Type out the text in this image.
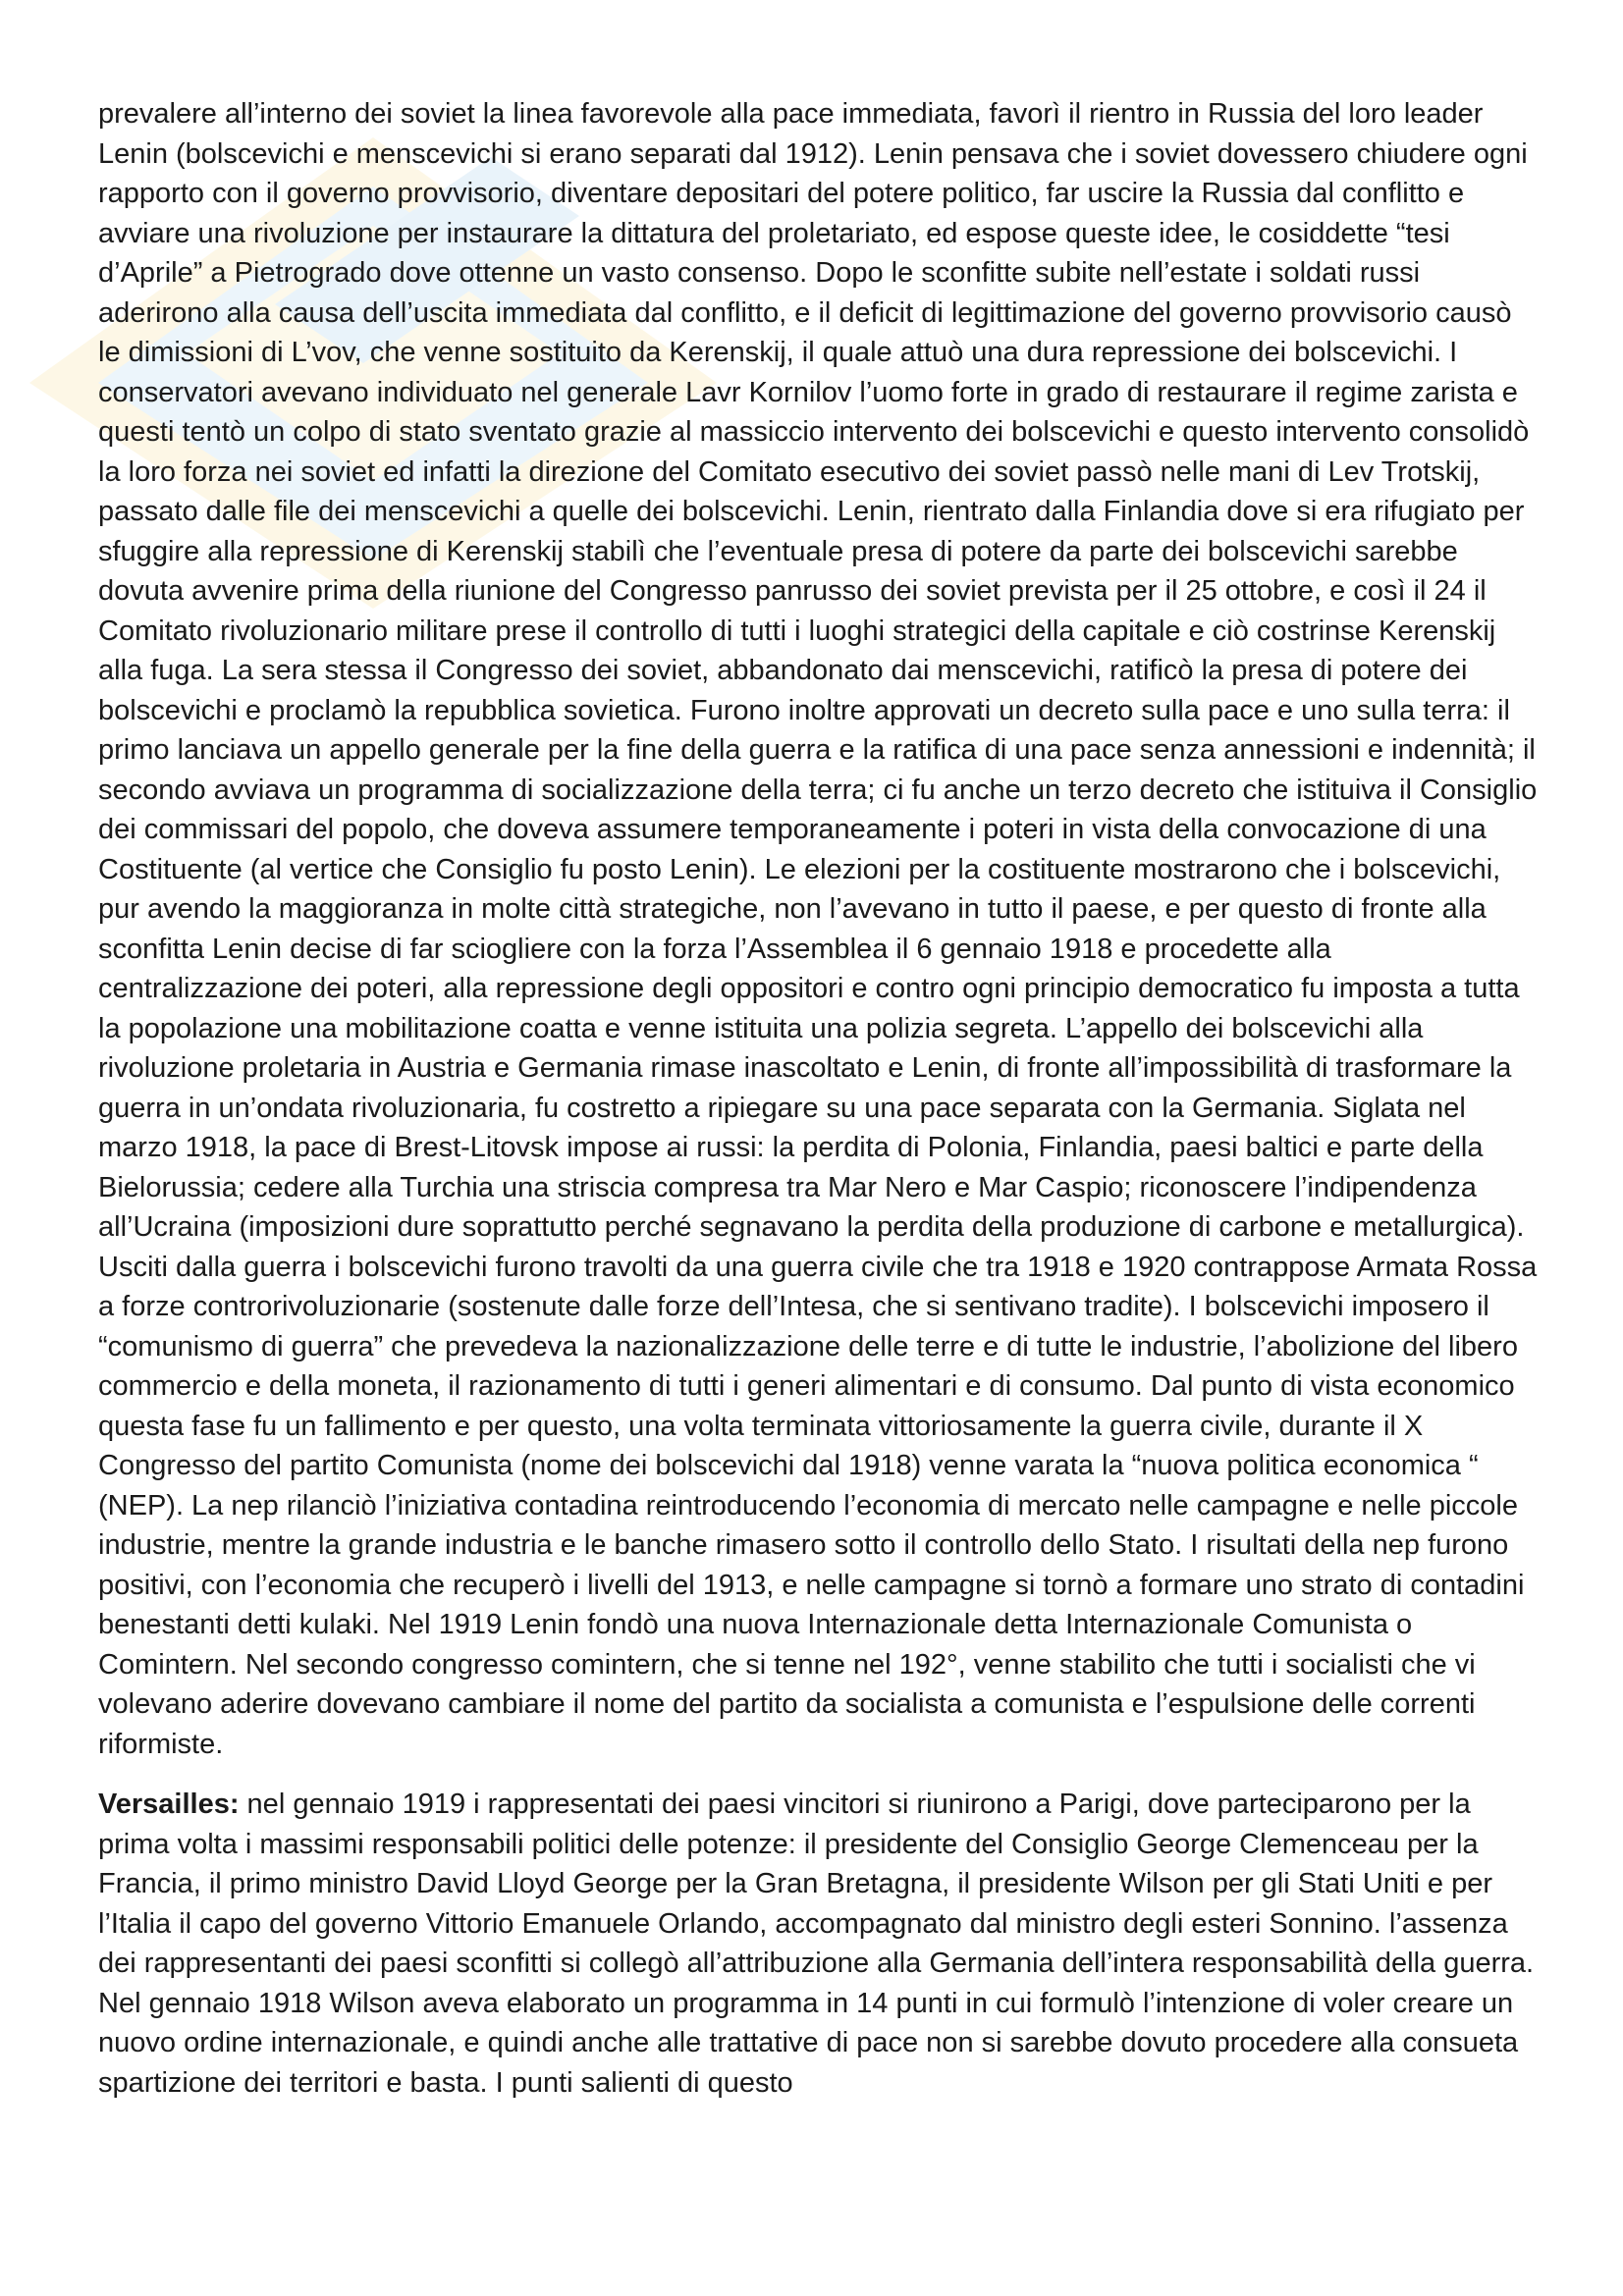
prevalere all’interno dei soviet la linea favorevole alla pace immediata, favorì il rientro in Russia del loro leader Lenin (bolscevichi e menscevichi si erano separati dal 1912). Lenin pensava che i soviet dovessero chiudere ogni rapporto con il governo provvisorio, diventare depositari del potere politico, far uscire la Russia dal conflitto e avviare una rivoluzione per instaurare la dittatura del proletariato, ed espose queste idee, le cosiddette “tesi d’Aprile” a Pietrogrado dove ottenne un vasto consenso. Dopo le sconfitte subite nell’estate i soldati russi aderirono alla causa dell’uscita immediata dal conflitto, e il deficit di legittimazione del governo provvisorio causò le dimissioni di L’vov, che venne sostituito da Kerenskij, il quale attuò una dura repressione dei bolscevichi. I conservatori avevano individuato nel generale Lavr Kornilov l’uomo forte in grado di restaurare il regime zarista e questi tentò un colpo di stato sventato grazie al massiccio intervento dei bolscevichi e questo intervento consolidò la loro forza nei soviet ed infatti la direzione del Comitato esecutivo dei soviet passò nelle mani di Lev Trotskij, passato dalle file dei menscevichi a quelle dei bolscevichi. Lenin, rientrato dalla Finlandia dove si era rifugiato per sfuggire alla repressione di Kerenskij stabilì che l’eventuale presa di potere da parte dei bolscevichi sarebbe dovuta avvenire prima della riunione del Congresso panrusso dei soviet prevista per il 25 ottobre, e così il 24 il Comitato rivoluzionario militare prese il controllo di tutti i luoghi strategici della capitale e ciò costrinse Kerenskij alla fuga. La sera stessa il Congresso dei soviet, abbandonato dai menscevichi, ratificò la presa di potere dei bolscevichi e proclamò la repubblica sovietica. Furono inoltre approvati un decreto sulla pace e uno sulla terra: il primo lanciava un appello generale per la fine della guerra e la ratifica di una pace senza annessioni e indennità; il secondo avviava un programma di socializzazione della terra; ci fu anche un terzo decreto che istituiva il Consiglio dei commissari del popolo, che doveva assumere temporaneamente i poteri in vista della convocazione di una Costituente (al vertice che Consiglio fu posto Lenin). Le elezioni per la costituente mostrarono che i bolscevichi, pur avendo la maggioranza in molte città strategiche, non l’avevano in tutto il paese, e per questo di fronte alla sconfitta Lenin decise di far sciogliere con la forza l’Assemblea il 6 gennaio 1918 e procedette alla centralizzazione dei poteri, alla repressione degli oppositori e contro ogni principio democratico fu imposta a tutta la popolazione una mobilitazione coatta e venne istituita una polizia segreta. L’appello dei bolscevichi alla rivoluzione proletaria in Austria e Germania rimase inascoltato e Lenin, di fronte all’impossibilità di trasformare la guerra in un’ondata rivoluzionaria, fu costretto a ripiegare su una pace separata con la Germania. Siglata nel marzo 1918, la pace di Brest-Litovsk impose ai russi: la perdita di Polonia, Finlandia, paesi baltici e parte della Bielorussia; cedere alla Turchia una striscia compresa tra Mar Nero e Mar Caspio; riconoscere l’indipendenza all’Ucraina (imposizioni dure soprattutto perché segnavano la perdita della produzione di carbone e metallurgica). Usciti dalla guerra i bolscevichi furono travolti da una guerra civile che tra 1918 e 1920 contrappose Armata Rossa a forze controrivoluzionarie (sostenute dalle forze dell’Intesa, che si sentivano tradite). I bolscevichi imposero il “comunismo di guerra” che prevedeva la nazionalizzazione delle terre e di tutte le industrie, l’abolizione del libero commercio e della moneta, il razionamento di tutti i generi alimentari e di consumo. Dal punto di vista economico questa fase fu un fallimento e per questo, una volta terminata vittoriosamente la guerra civile, durante il X Congresso del partito Comunista (nome dei bolscevichi dal 1918) venne varata la “nuova politica economica “ (NEP). La nep rilanciò l’iniziativa contadina reintroducendo l’economia di mercato nelle campagne e nelle piccole industrie, mentre la grande industria e le banche rimasero sotto il controllo dello Stato. I risultati della nep furono positivi, con l’economia che recuperò i livelli del 1913, e nelle campagne si tornò a formare uno strato di contadini benestanti detti kulaki. Nel 1919 Lenin fondò una nuova Internazionale detta Internazionale Comunista o Comintern. Nel secondo congresso comintern, che si tenne nel 192°, venne stabilito che tutti i socialisti che vi volevano aderire dovevano cambiare il nome del partito da socialista a comunista e l’espulsione delle correnti riformiste.

Versailles: nel gennaio 1919 i rappresentati dei paesi vincitori si riunirono a Parigi, dove parteciparono per la prima volta i massimi responsabili politici delle potenze: il presidente del Consiglio George Clemenceau per la Francia, il primo ministro David Lloyd George per la Gran Bretagna, il presidente Wilson per gli Stati Uniti e per l’Italia il capo del governo Vittorio Emanuele Orlando, accompagnato dal ministro degli esteri Sonnino. l’assenza dei rappresentanti dei paesi sconfitti si collegò all’attribuzione alla Germania dell’intera responsabilità della guerra. Nel gennaio 1918 Wilson aveva elaborato un programma in 14 punti in cui formulò l’intenzione di voler creare un nuovo ordine internazionale, e quindi anche alle trattative di pace non si sarebbe dovuto procedere alla consueta spartizione dei territori e basta. I punti salienti di questo
